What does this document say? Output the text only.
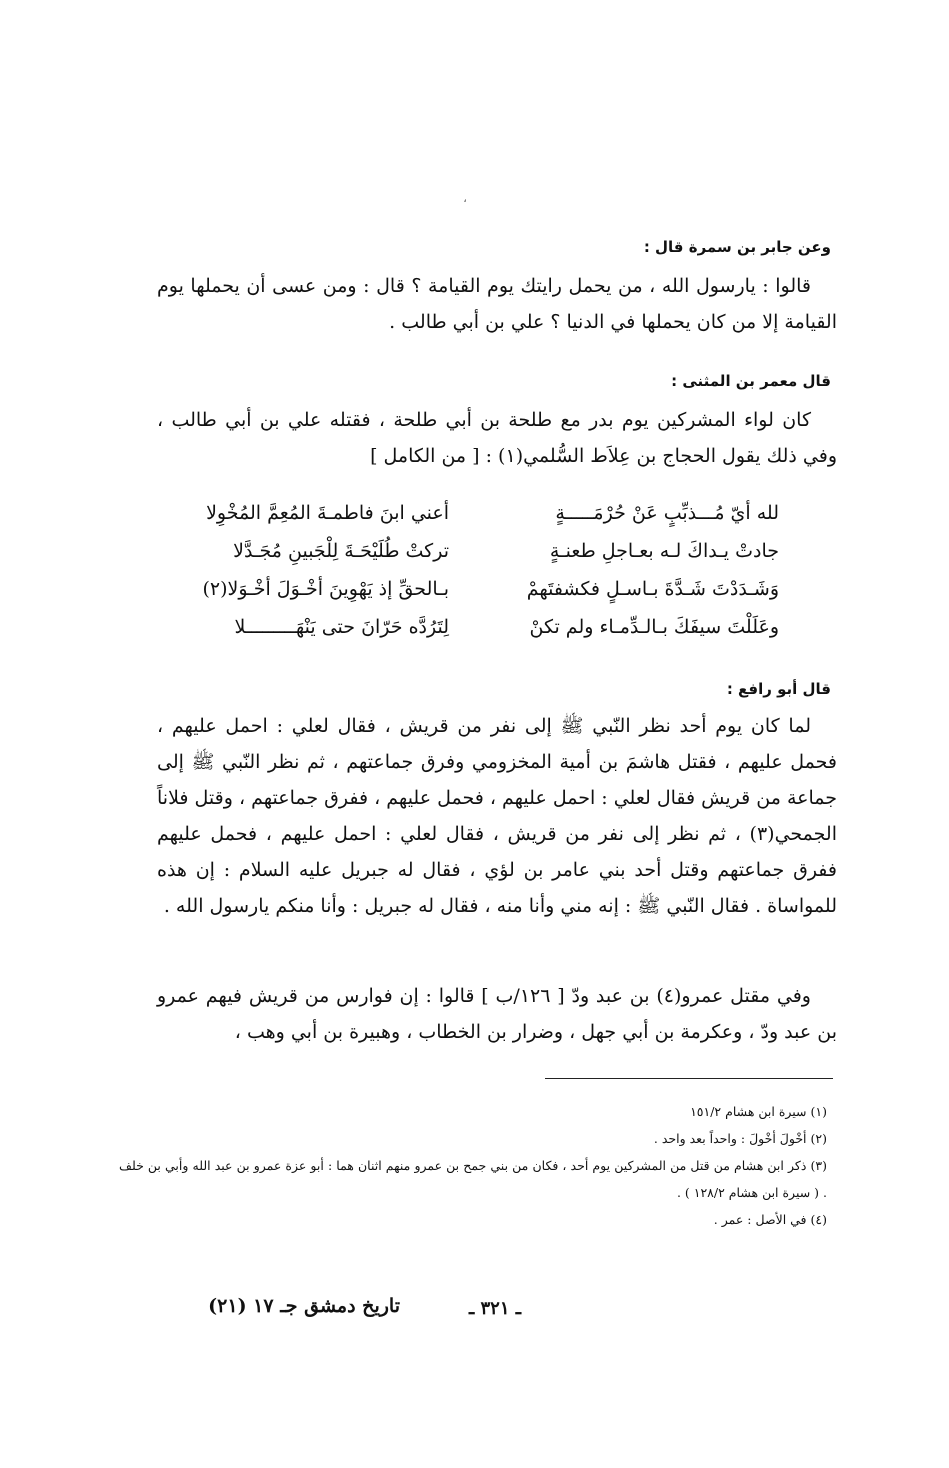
،
وعن جابر بن سمرة قال :

قالوا : يارسول الله ، من يحمل رايتك يوم القيامة ؟ قال : ومن عسى أن يحملها يوم القيامة إلا من كان يحملها في الدنيا ؟ علي بن أبي طالب .

قال معمر بن المثنى :

كان لواء المشركين يوم بدر مع طلحة بن أبي طلحة ، فقتله علي بن أبي طالب ، وفي ذلك يقول الحجاج بن عِلاَط السُّلمي(١) : [ من الكامل ]

لله أيّ مُـــذبِّبٍ عَنْ حُرْمَـــــةٍ
أعني ابنَ فاطمـةَ المُعِمَّ المُخْوِلا
جادتْ يـداكَ لـه بعـاجلِ طعنـةٍ
تركتْ طُلَيْحَـةَ لِلْجَبينِ مُجَـدَّلا
وَشَـدَدْتَ شَـدَّةَ بـاسـلٍ فكشفتَهمْ
بـالحقِّ إذ يَهْوِينَ أخْـوَلَ أخْـوَلا(٢)
وعَلَلْتَ سيفَكَ بـالـدِّمـاء ولم تكنْ
لِتَرُدَّه حَرّانَ حتى يَنْهَـــــــــلا
قال أبو رافع :

لما كان يوم أحد نظر النّبي ﷺ إلى نفر من قريش ، فقال لعلي : احمل عليهم ، فحمل عليهم ، فقتل هاشمَ بن أمية المخزومي وفرق جماعتهم ، ثم نظر النّبي ﷺ إلى جماعة من قريش فقال لعلي : احمل عليهم ، فحمل عليهم ، ففرق جماعتهم ، وقتل فلاناً الجمحي(٣) ، ثم نظر إلى نفر من قريش ، فقال لعلي : احمل عليهم ، فحمل عليهم ففرق جماعتهم وقتل أحد بني عامر بن لؤي ، فقال له جبريل عليه السلام : إن هذه للمواساة . فقال النّبي ﷺ : إنه مني وأنا منه ، فقال له جبريل : وأنا منكم يارسول الله .

وفي مقتل عمرو(٤) بن عبد ودّ [ ١٢٦/ب ] قالوا : إن فوارس من قريش فيهم عمرو بن عبد ودّ ، وعكرمة بن أبي جهل ، وضرار بن الخطاب ، وهبيرة بن أبي وهب ،

(١) سيرة ابن هشام ١٥١/٢

(٢) أخْولَ أخْولَ : واحداً بعد واحد .

(٣) ذكر ابن هشام من قتل من المشركين يوم أحد ، فكان من بني جمح بن عمرو منهم اثنان هما : أبو عزة عمرو بن عبد الله وأبي بن خلف . ( سيرة ابن هشام ١٢٨/٢ ) .

(٤) في الأصل : عمر .

تاريخ دمشق جـ ١٧ (٢١)	ـ ٣٢١ ـ
